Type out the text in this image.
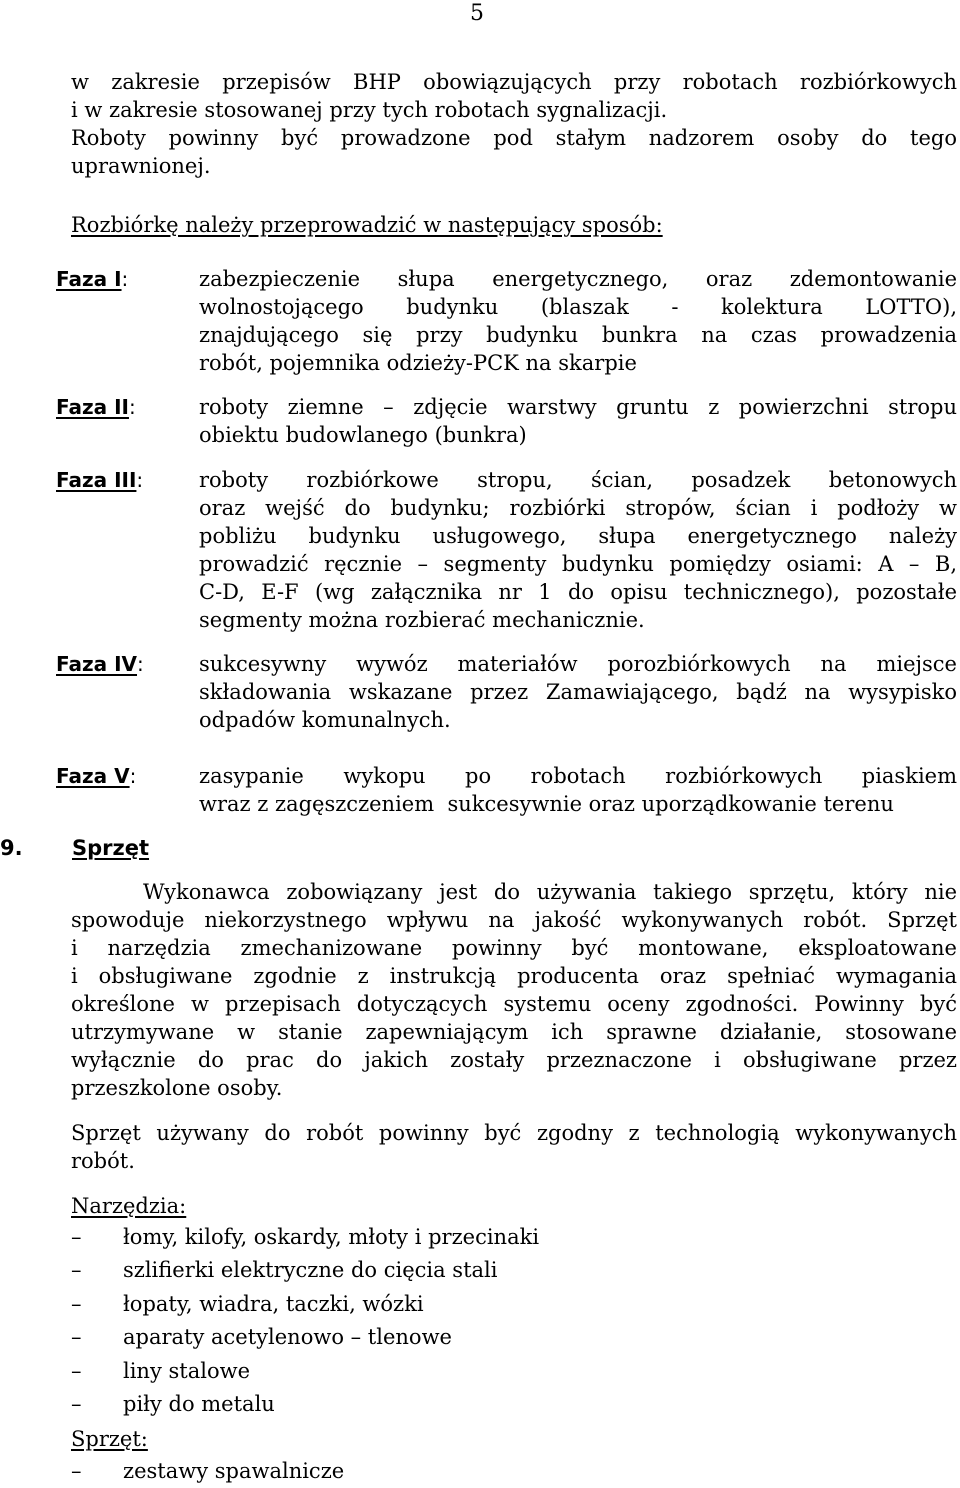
5
w zakresie przepisów BHP obowiązujących przy robotach rozbiórkowych
i w zakresie stosowanej przy tych robotach sygnalizacji.
Roboty powinny być prowadzone pod stałym nadzorem osoby do tego
uprawnionej.
Rozbiórkę należy przeprowadzić w następujący sposób:
Faza I:	zabezpieczenie słupa energetycznego, oraz zdemontowanie
wolnostojącego budynku (blaszak - kolektura LOTTO),
znajdującego się przy budynku bunkra na czas prowadzenia
robót, pojemnika odzieży-PCK na skarpie
Faza II:	roboty ziemne – zdjęcie warstwy gruntu z powierzchni stropu
obiektu budowlanego (bunkra)
Faza III:	roboty rozbiórkowe stropu, ścian, posadzek betonowych
oraz wejść do budynku; rozbiórki stropów, ścian i podłoży w
pobliżu budynku usługowego, słupa energetycznego należy
prowadzić ręcznie – segmenty budynku pomiędzy osiami: A – B,
C-D, E-F (wg załącznika nr 1 do opisu technicznego), pozostałe
segmenty można rozbierać mechanicznie.
Faza IV:	sukcesywny wywóz materiałów porozbiórkowych na miejsce
składowania wskazane przez Zamawiającego, bądź na wysypisko
odpadów komunalnych.
Faza V:	zasypanie wykopu po robotach rozbiórkowych piaskiem
wraz z zagęszczeniem  sukcesywnie oraz uporządkowanie terenu
9. Sprzęt
Wykonawca zobowiązany jest do używania takiego sprzętu, który nie
spowoduje niekorzystnego wpływu na jakość wykonywanych robót. Sprzęt
i narzędzia zmechanizowane powinny być montowane, eksploatowane
i obsługiwane zgodnie z instrukcją producenta oraz spełniać wymagania
określone w przepisach dotyczących systemu oceny zgodności. Powinny być
utrzymywane w stanie zapewniającym ich sprawne działanie, stosowane
wyłącznie do prac do jakich zostały przeznaczone i obsługiwane przez
przeszkolone osoby.
Sprzęt używany do robót powinny być zgodny z technologią wykonywanych
robót.
Narzędzia:
– łomy, kilofy, oskardy, młoty i przecinaki
– szlifierki elektryczne do cięcia stali
– łopaty, wiadra, taczki, wózki
– aparaty acetylenowo – tlenowe
– liny stalowe
– piły do metalu
Sprzęt:
– zestawy spawalnicze
